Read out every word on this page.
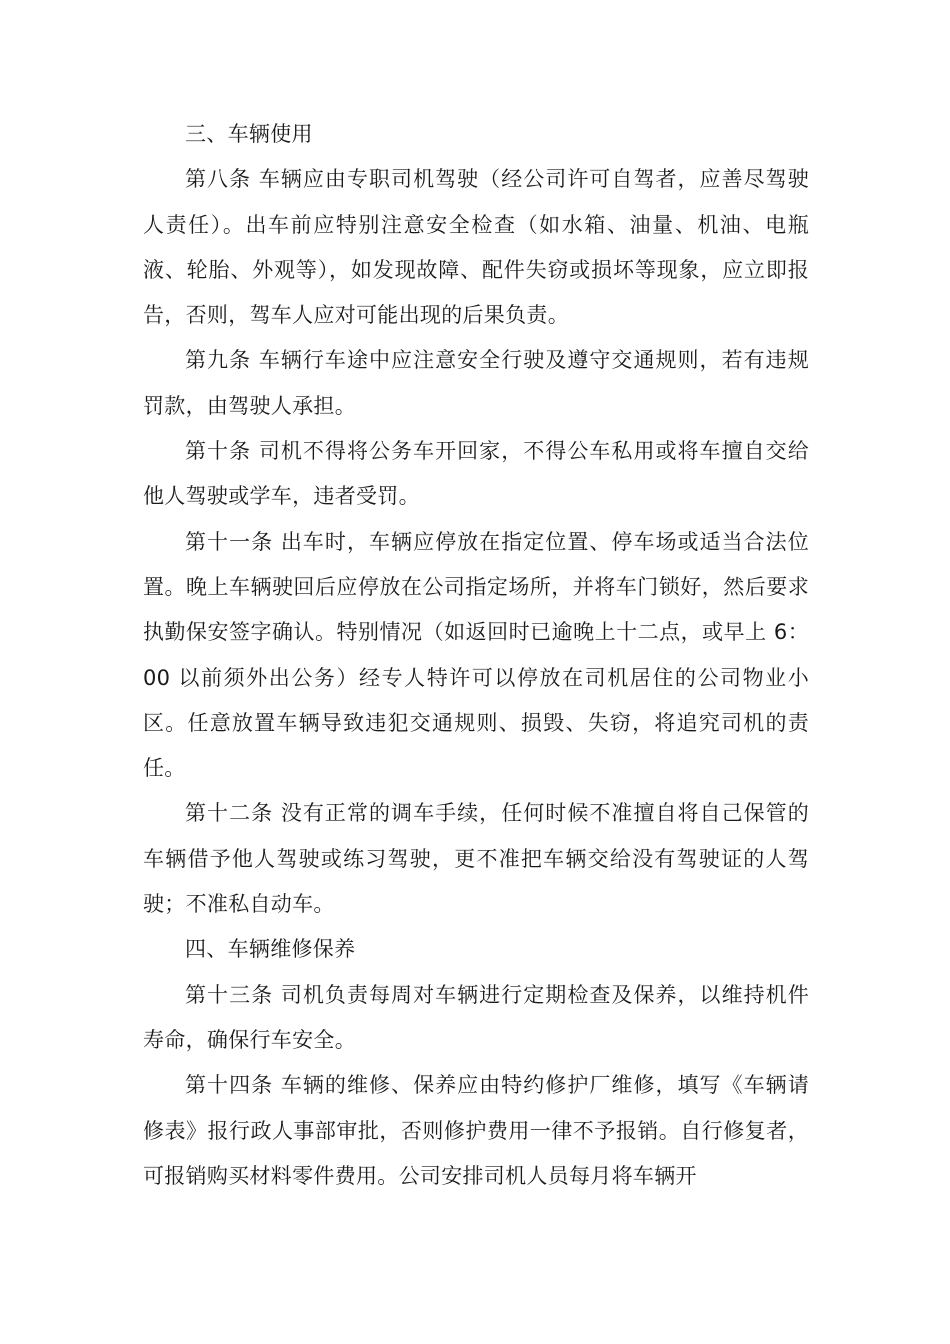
三、车辆使用

第八条 车辆应由专职司机驾驶（经公司许可自驾者，应善尽驾驶人责任）。出车前应特别注意安全检查（如水箱、油量、机油、电瓶液、轮胎、外观等），如发现故障、配件失窃或损坏等现象，应立即报告，否则，驾车人应对可能出现的后果负责。

第九条 车辆行车途中应注意安全行驶及遵守交通规则，若有违规罚款，由驾驶人承担。

第十条 司机不得将公务车开回家，不得公车私用或将车擅自交给他人驾驶或学车，违者受罚。

第十一条 出车时，车辆应停放在指定位置、停车场或适当合法位置。晚上车辆驶回后应停放在公司指定场所，并将车门锁好，然后要求执勤保安签字确认。特别情况（如返回时已逾晚上十二点，或早上 6：00 以前须外出公务）经专人特许可以停放在司机居住的公司物业小区。任意放置车辆导致违犯交通规则、损毁、失窃，将追究司机的责任。

第十二条 没有正常的调车手续，任何时候不准擅自将自己保管的车辆借予他人驾驶或练习驾驶，更不准把车辆交给没有驾驶证的人驾驶；不准私自动车。

四、车辆维修保养

第十三条 司机负责每周对车辆进行定期检查及保养，以维持机件寿命，确保行车安全。

第十四条 车辆的维修、保养应由特约修护厂维修，填写《车辆请修表》报行政人事部审批，否则修护费用一律不予报销。自行修复者，可报销购买材料零件费用。公司安排司机人员每月将车辆开
